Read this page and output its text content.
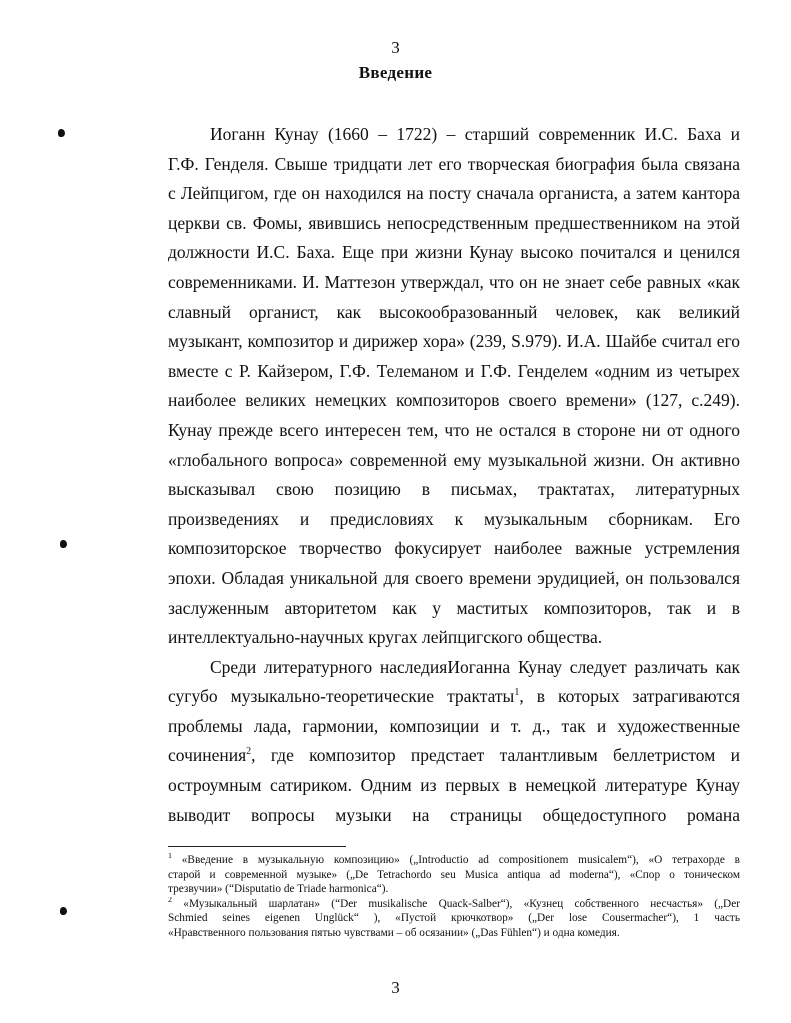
3
Введение
Иоганн Кунау (1660 – 1722) – старший современник И.С. Баха и
Г.Ф. Генделя. Свыше тридцати лет его творческая биография была связана
с Лейпцигом, где он находился на посту сначала органиста, а затем кантора
церкви св. Фомы, явившись непосредственным предшественником на этой
должности И.С. Баха. Еще при жизни Кунау высоко почитался и ценился
современниками. И. Маттезон утверждал, что он не знает себе равных «как
славный органист, как высокообразованный человек, как великий
музыкант, композитор и дирижер хора» (239, S.979). И.А. Шайбе считал его
вместе с Р. Кайзером, Г.Ф. Телеманом и Г.Ф. Генделем «одним из четырех
наиболее великих немецких композиторов своего времени» (127, с.249).
Кунау прежде всего интересен тем, что не остался в стороне ни от одного
«глобального вопроса» современной ему музыкальной жизни. Он активно
высказывал свою позицию в письмах, трактатах, литературных
произведениях и предисловиях к музыкальным сборникам. Его
композиторское творчество фокусирует наиболее важные устремления
эпохи. Обладая уникальной для своего времени эрудицией, он пользовался
заслуженным авторитетом как у маститых композиторов, так и в
интеллектуально-научных кругах лейпцигского общества.
Среди литературного наследияИоганна Кунау следует различать как
сугубо музыкально-теоретические трактаты$^1$, в которых затрагиваются
проблемы лада, гармонии, композиции и т. д., так и художественные
сочинения$^2$, где композитор предстает талантливым беллетристом и
остроумным сатириком. Одним из первых в немецкой литературе Кунау
выводит вопросы музыки на страницы общедоступного романа
$^1$ «Введение в музыкальную композицию» („Introductio ad compositionem musicalem“), «О тетрахорде в
старой и современной музыке» („De Tetrachordo seu Musica antiqua ad moderna“), «Спор о тоническом
трезвучии» (“Disputatio de Triade harmonica“).
$^2$ «Музыкальный шарлатан» (“Der musikalische Quack-Salber“), «Кузнец собственного несчастья» („Der
Schmied seines eigenen Unglück“ ), «Пустой крючкотвор» („Der lose Cousermacher“), 1 часть
«Нравственного пользования пятью чувствами – об осязании» („Das Fühlen“) и одна комедия.
3
